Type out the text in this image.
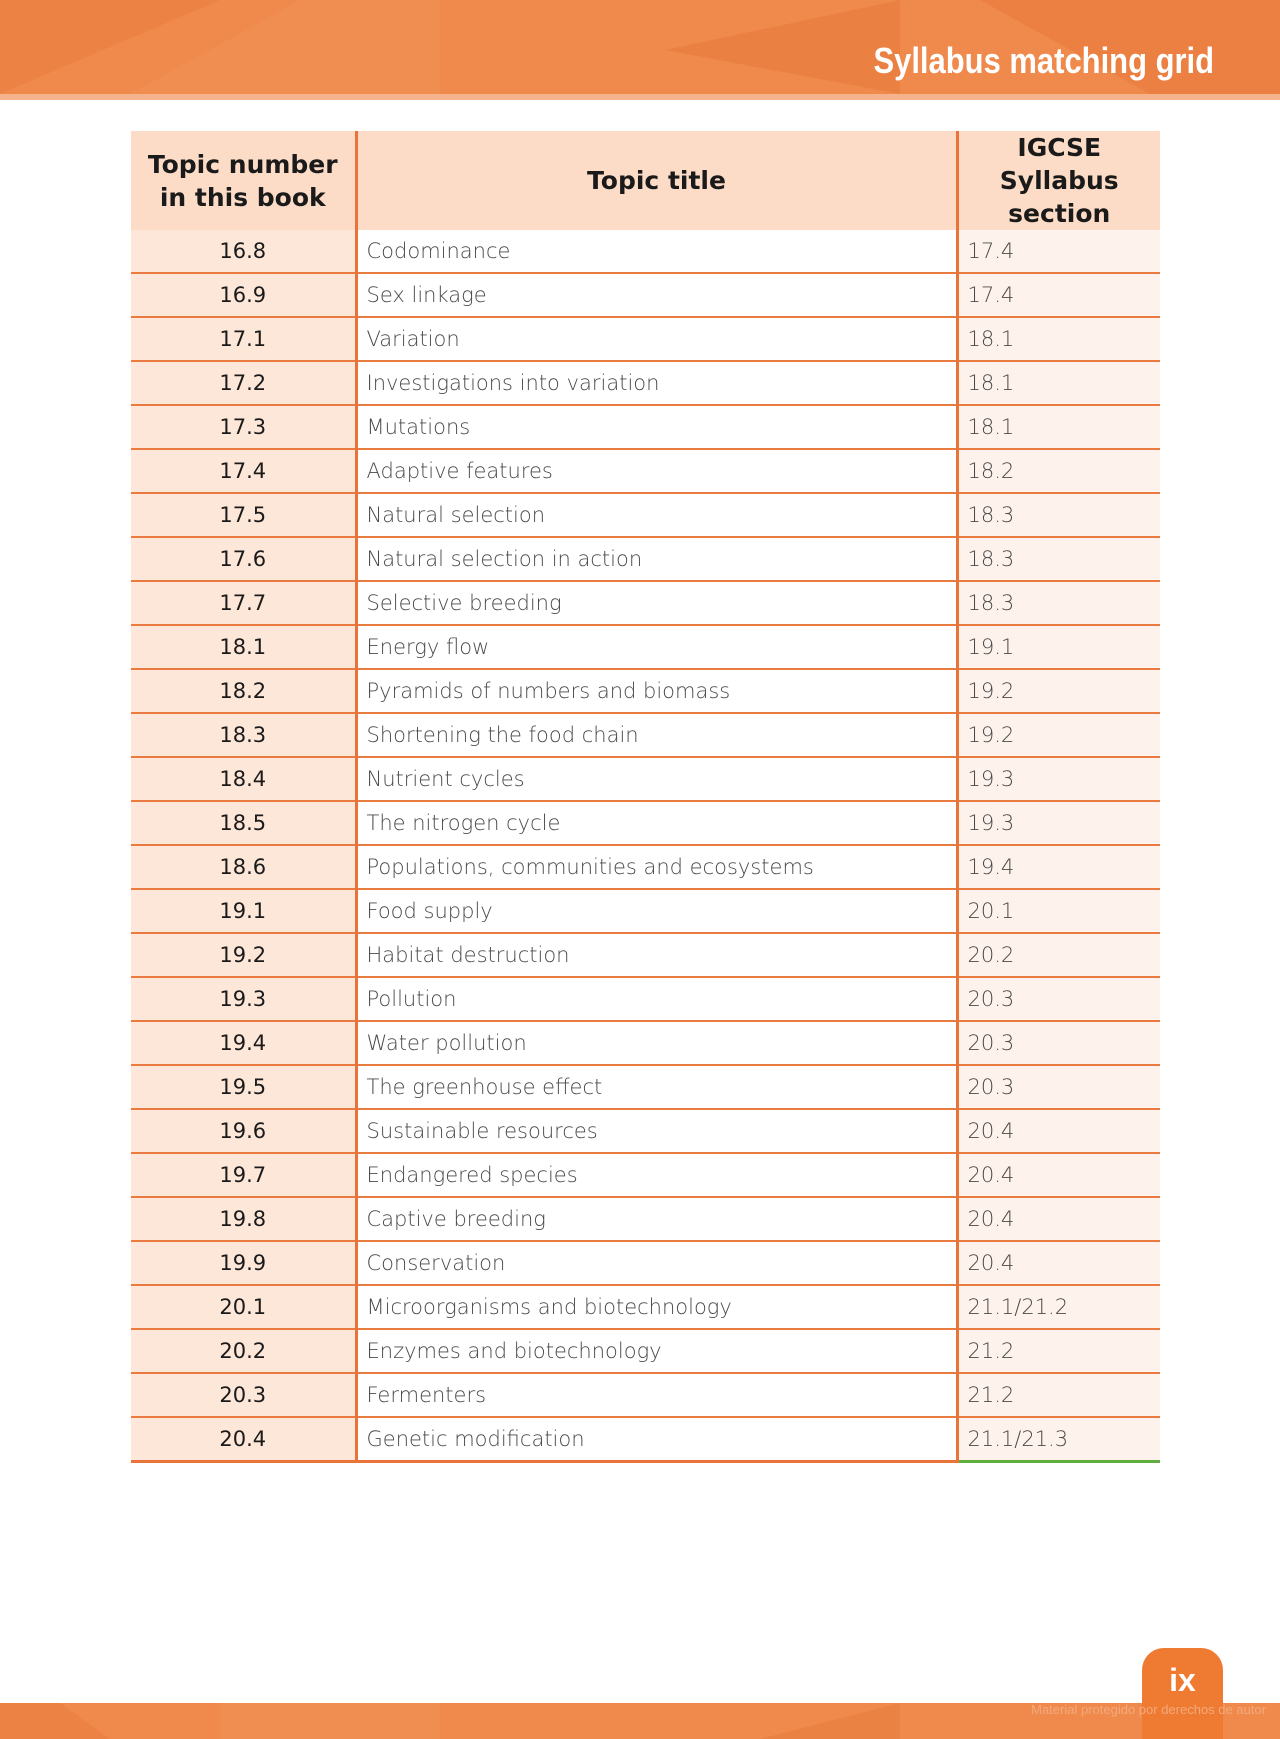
Syllabus matching grid
Topic number in this book	Topic title	IGCSE Syllabus section
16.8	Codominance	17.4
16.9	Sex linkage	17.4
17.1	Variation	18.1
17.2	Investigations into variation	18.1
17.3	Mutations	18.1
17.4	Adaptive features	18.2
17.5	Natural selection	18.3
17.6	Natural selection in action	18.3
17.7	Selective breeding	18.3
18.1	Energy flow	19.1
18.2	Pyramids of numbers and biomass	19.2
18.3	Shortening the food chain	19.2
18.4	Nutrient cycles	19.3
18.5	The nitrogen cycle	19.3
18.6	Populations, communities and ecosystems	19.4
19.1	Food supply	20.1
19.2	Habitat destruction	20.2
19.3	Pollution	20.3
19.4	Water pollution	20.3
19.5	The greenhouse effect	20.3
19.6	Sustainable resources	20.4
19.7	Endangered species	20.4
19.8	Captive breeding	20.4
19.9	Conservation	20.4
20.1	Microorganisms and biotechnology	21.1/21.2
20.2	Enzymes and biotechnology	21.2
20.3	Fermenters	21.2
20.4	Genetic modification	21.1/21.3
ix
Material protegido por derechos de autor
